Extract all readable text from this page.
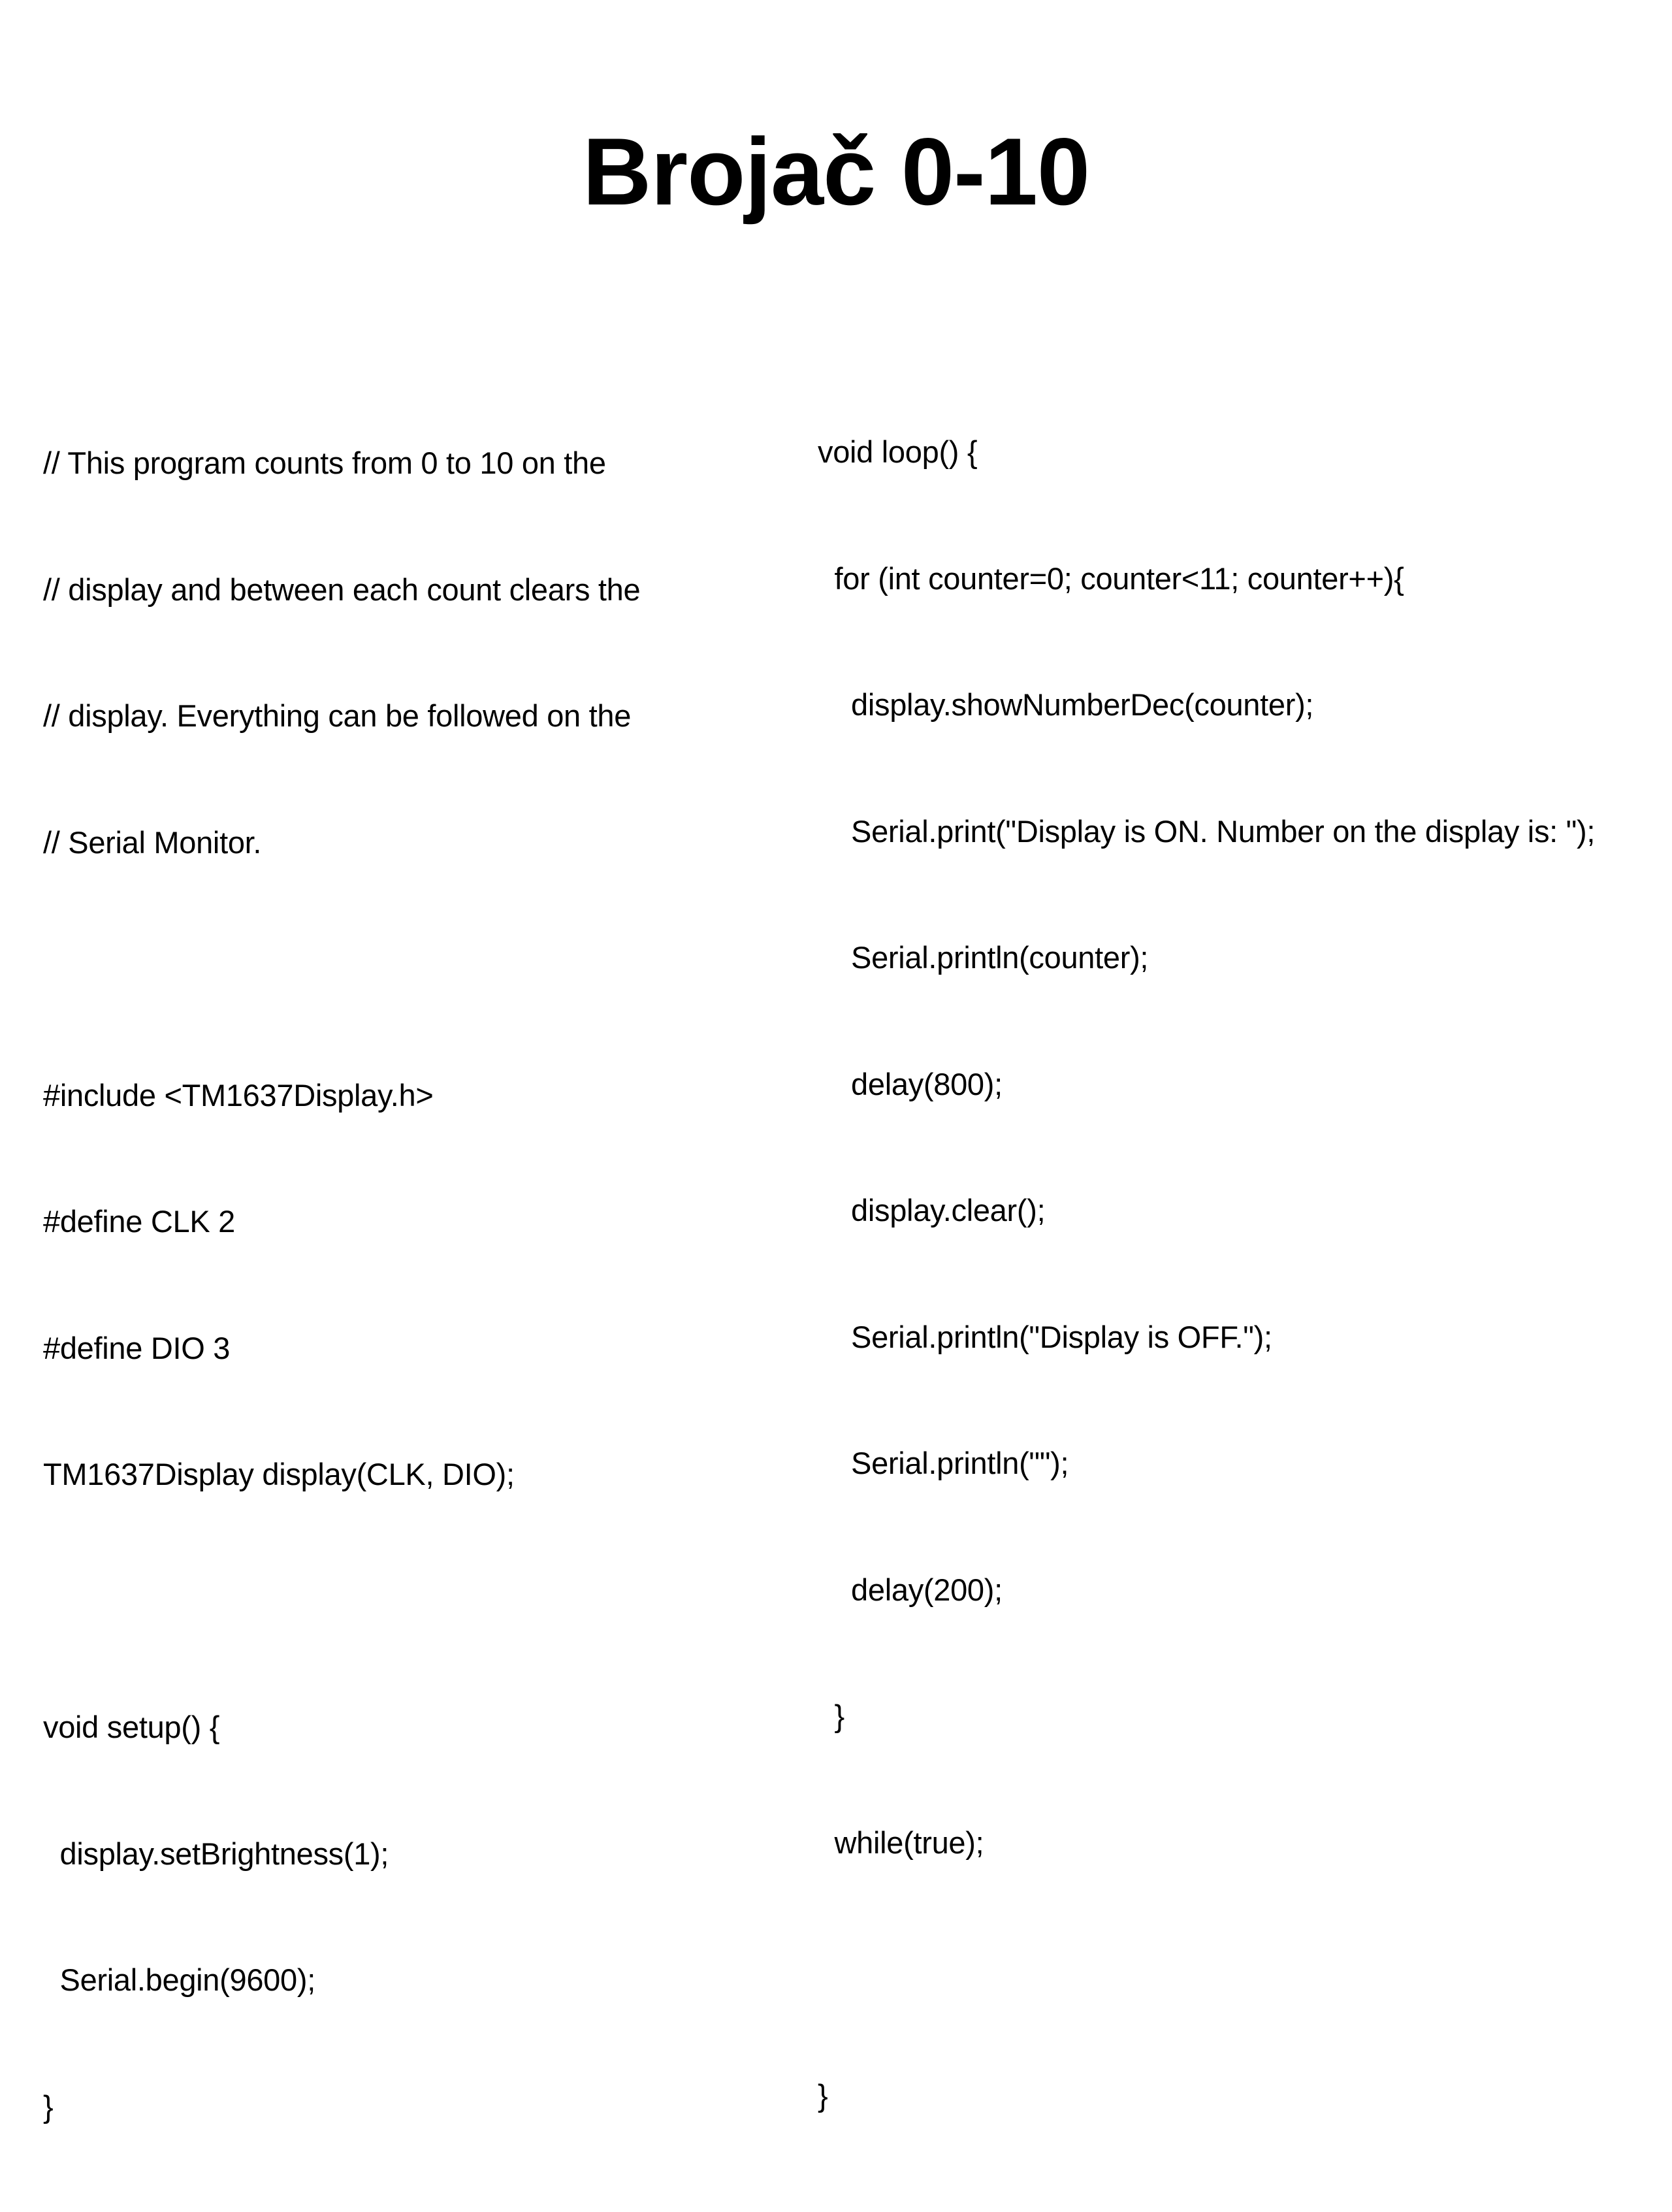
Brojač 0-10

// This program counts from 0 to 10 on the

// display and between each count clears the

// display. Everything can be followed on the

// Serial Monitor.

#include <TM1637Display.h>

#define CLK 2

#define DIO 3

TM1637Display display(CLK, DIO);

void setup() {

display.setBrightness(1);

Serial.begin(9600);

}

void loop() {

for (int counter=0; counter<11; counter++){

display.showNumberDec(counter);

Serial.print("Display is ON. Number on the display is: ");

Serial.println(counter);

delay(800);

display.clear();

Serial.println("Display is OFF.");

Serial.println("");

delay(200);

}

while(true);

}
